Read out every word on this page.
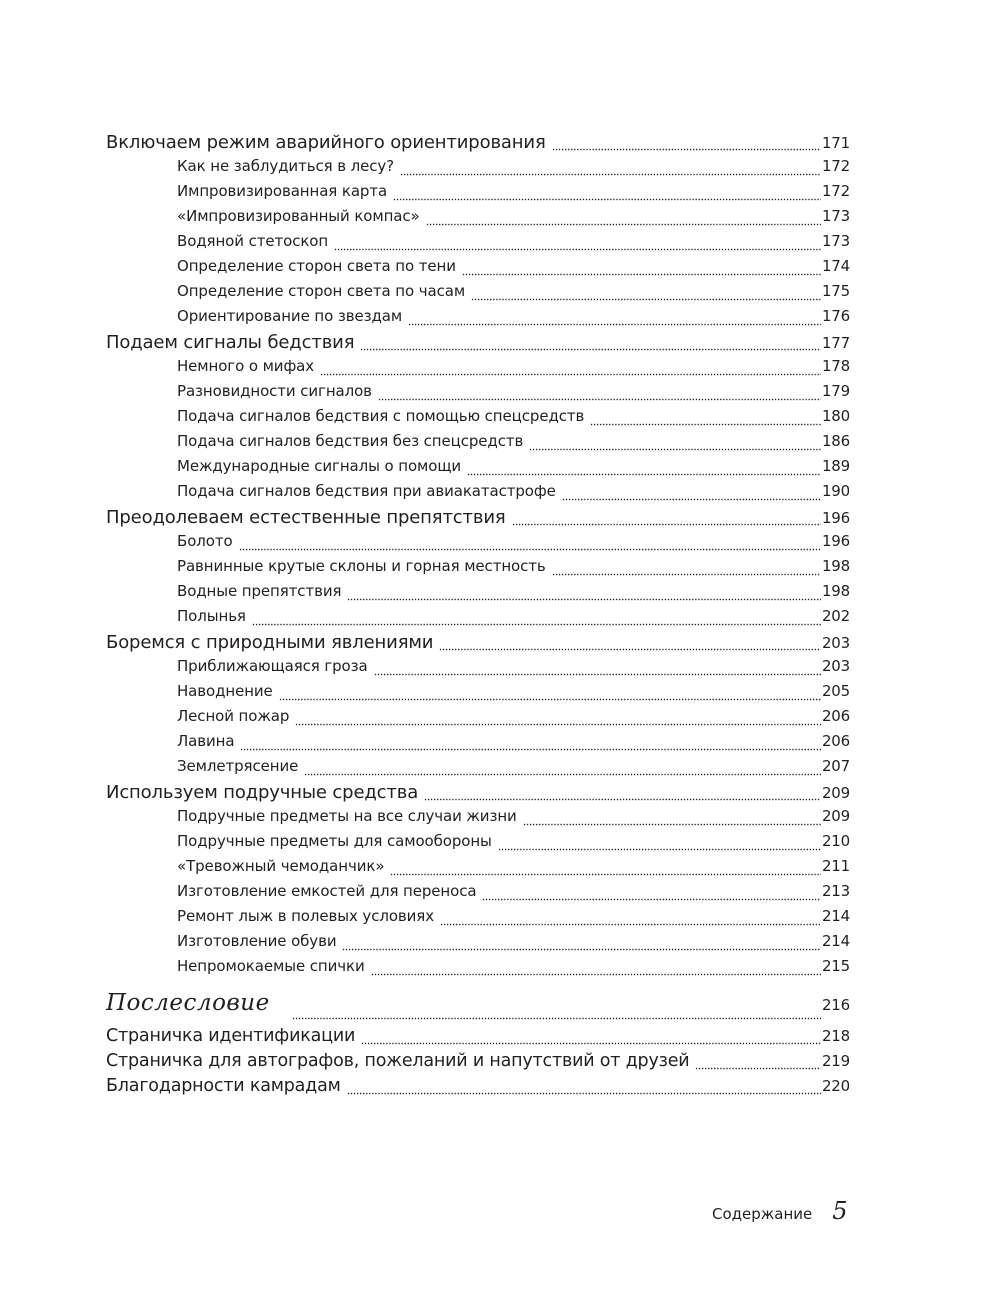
Включаем режим аварийного ориентирования	171
Как не заблудиться в лесу?	172
Импровизированная карта	172
«Импровизированный компас»	173
Водяной стетоскоп	173
Определение сторон света по тени	174
Определение сторон света по часам	175
Ориентирование по звездам	176
Подаем сигналы бедствия	177
Немного о мифах	178
Разновидности сигналов	179
Подача сигналов бедствия с помощью спецсредств	180
Подача сигналов бедствия без спецсредств	186
Международные сигналы о помощи	189
Подача сигналов бедствия при авиакатастрофе	190
Преодолеваем естественные препятствия	196
Болото	196
Равнинные крутые склоны и горная местность	198
Водные препятствия	198
Полынья	202
Боремся с природными явлениями	203
Приближающаяся гроза	203
Наводнение	205
Лесной пожар	206
Лавина	206
Землетрясение	207
Используем подручные средства	209
Подручные предметы на все случаи жизни	209
Подручные предметы для самообороны	210
«Тревожный чемоданчик»	211
Изготовление емкостей для переноса	213
Ремонт лыж в полевых условиях	214
Изготовление обуви	214
Непромокаемые спички	215
Послесловие	216
Страничка идентификации	218
Страничка для автографов, пожеланий и напутствий от друзей	219
Благодарности камрадам	220
Содержание 5
